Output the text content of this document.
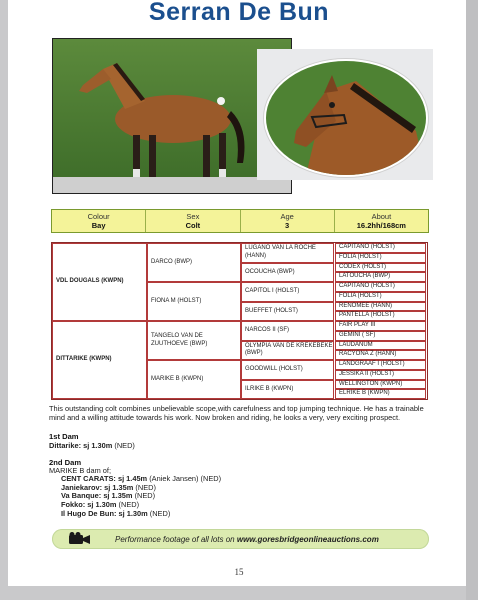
Serran De Bun
Colour
Bay
Sex
Colt
Age
3
About
16.2hh/168cm
VDL DOUGALS (KWPN)
DITTARIKE (KWPN)
DARCO (BWP)
FIONA M (HOLST)
TANGELO VAN DE ZUUTHOEVE (BWP)
MARIKE B (KWPN)
LUGANO VAN LA ROCHE (HANN)
OCOUCHA (BWP)
CAPITOL I (HOLST)
BUEFFET (HOLST)
NARCOS II (SF)
OLYMPIA VAN DE KREKEBEKE (BWP)
GOODWILL (HOLST)
ILRIKE B (KWPN)
CAPITANO (HOLST)
FOLIA (HOLST)
CODEX (HOLST)
LATOUCHA (BWP)
CAPITANO (HOLST)
FOLIA (HOLST)
RENOMEE (HANN)
PANTELLA (HOLST)
FAIR PLAY III
GEMINI ( SF)
LAUDANUM
RACYONA Z (HANN)
LANDGRAAF I (HOLST)
JESSIKA II (HOLST)
WELLINGTON (KWPN)
ELRIKE B (KWPN)
This outstanding colt combines unbelievable scope,with carefulness and top jumping technique. He has a trainable mind and a willing attitude towards his work. Now broken and riding, he looks a very, very exciting prospect.
1st Dam
Dittarike: sj 1.30m (NED)
2nd Dam
MARIKE B dam of;
CENT CARATS: sj 1.45m (Aniek Jansen) (NED)
Janiekarov: sj 1.35m (NED)
Va Banque: sj 1.35m (NED)
Fokko: sj 1.30m (NED)
Il Hugo De Bun: sj 1.30m (NED)
Performance footage of all lots on www.goresbridgeonlineauctions.com
15
